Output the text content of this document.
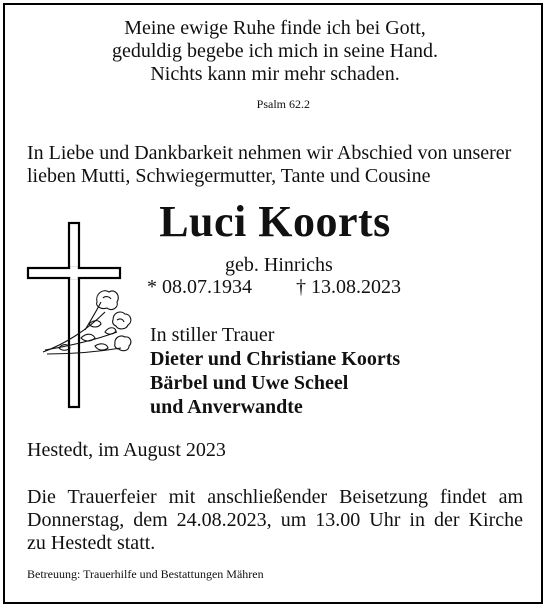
Meine ewige Ruhe finde ich bei Gott,
geduldig begebe ich mich in seine Hand.
Nichts kann mir mehr schaden.
Psalm 62.2
In Liebe und Dankbarkeit nehmen wir Abschied von unserer
lieben Mutti, Schwiegermutter, Tante und Cousine
Luci Koorts
geb. Hinrichs
* 08.07.1934 † 13.08.2023
In stiller Trauer
Dieter und Christiane Koorts
Bärbel und Uwe Scheel
und Anverwandte
Hestedt, im August 2023
Die Trauerfeier mit anschließender Beisetzung findet am
Donnerstag, dem 24.08.2023, um 13.00 Uhr in der Kirche
zu Hestedt statt.
Betreuung: Trauerhilfe und Bestattungen Mähren
